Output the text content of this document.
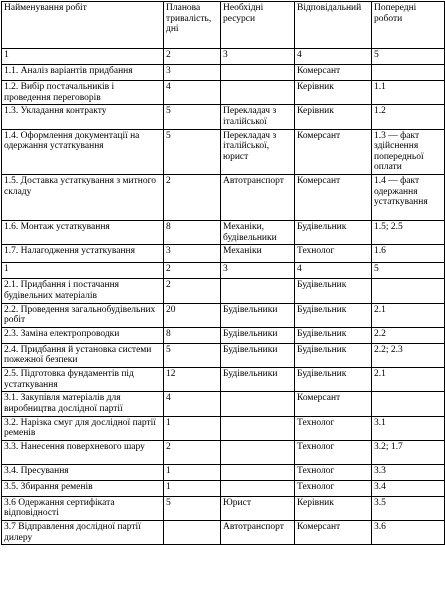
Найменування робіт	Планова тривалість, дні	Необхідні ресурси	Відповідальний	Попередні роботи
1	2	3	4	5
1.1. Аналіз варіантів придбання	3		Комерсант	
1.2. Вибір постачальників і проведення переговорів	4		Керівник	1.1
1.3. Укладання контракту	5	Перекладач з італійської	Керівник	1.2
1.4. Оформлення документації на одержання устаткування	5	Перекладач з італійської, юрист	Комерсант	1.3 — факт здійснення попередньої оплати
1.5. Доставка устаткування з митного складу	2	Автотранспорт	Комерсант	1.4 — факт одержання устаткування
1.6. Монтаж устаткування	8	Механіки, будівельники	Будівельник	1.5; 2.5
1.7. Налагодження устаткування	3	Механіки	Технолог	1.6
1	2	3	4	5
2.1. Придбання і постачання будівельних матеріалів	2		Будівельник	
2.2. Проведення загальнобудівельних робіт	20	Будівельники	Будівельник	2.1
2.3. Заміна електропроводки	8	Будівельники	Будівельник	2.2
2.4. Придбання й установка системи пожежної безпеки	5	Будівельники	Будівельник	2.2; 2.3
2.5. Підготовка фундаментів під устаткування	12	Будівельники	Будівельник	2.1
3.1. Закупівля матеріалів для виробництва дослідної партії	4		Комерсант	
3.2. Нарізка смуг для дослідної партії ременів	1		Технолог	3.1
3.3. Нанесення поверхневого шару	2		Технолог	3.2; 1.7
3.4. Пресування	1		Технолог	3.3
3.5. Збирання ременів	1		Технолог	3.4
3.6 Одержання сертифіката відповідності	5	Юрист	Керівник	3.5
3.7 Відправлення дослідної партії дилеру		Автотранспорт	Комерсант	3.6
